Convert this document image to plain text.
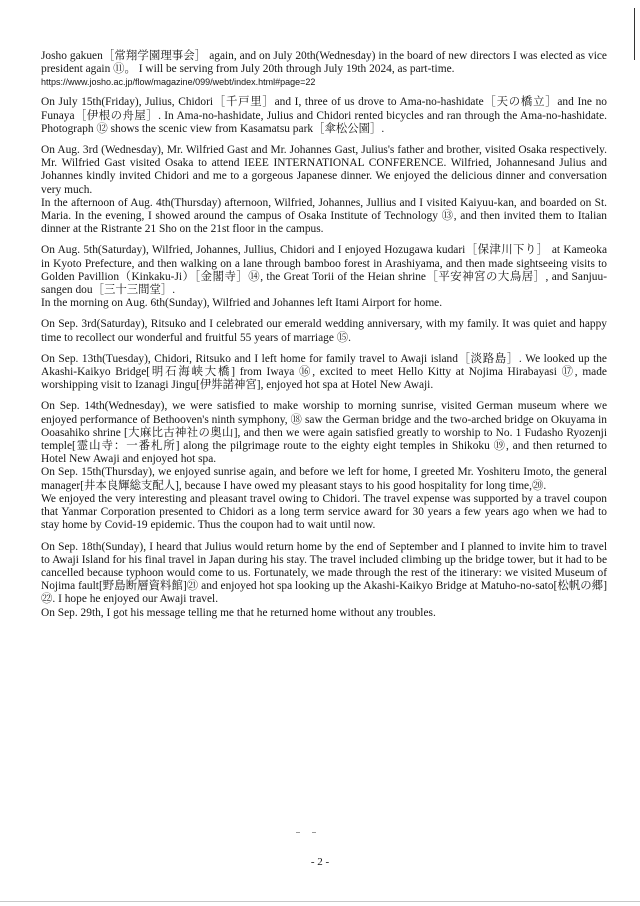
Josho gakuen［常翔学園理事会］ again, and on July 20th(Wednesday) in the board of new directors I was elected as vice president again ⑪。 I will be serving from July 20th through July 19th 2024, as part-time.
https://www.josho.ac.jp/flow/magazine/099/webt/index.html#page=22

On July 15th(Friday), Julius, Chidori［千戸里］and I, three of us drove to Ama-no-hashidate［天の橋立］and Ine no Funaya［伊根の舟屋］. In Ama-no-hashidate, Julius and Chidori rented bicycles and ran through the Ama-no-hashidate. Photograph ⑫ shows the scenic view from Kasamatsu park［傘松公園］.

On Aug. 3rd (Wednesday), Mr. Wilfried Gast and Mr. Johannes Gast, Julius's father and brother, visited Osaka respectively. Mr. Wilfried Gast visited Osaka to attend IEEE INTERNATIONAL CONFERENCE. Wilfried, Johannesand Julius and Johannes kindly invited Chidori and me to a gorgeous Japanese dinner. We enjoyed the delicious dinner and conversation very much.

In the afternoon of Aug. 4th(Thursday) afternoon, Wilfried, Johannes, Jullius and I visited Kaiyuu-kan, and boarded on St. Maria. In the evening, I showed around the campus of Osaka Institute of Technology ⑬, and then invited them to Italian dinner at the Ristrante 21 Sho on the 21st floor in the campus.

On Aug. 5th(Saturday), Wilfried, Johannes, Jullius, Chidori and I enjoyed Hozugawa kudari［保津川下り］ at Kameoka in Kyoto Prefecture, and then walking on a lane through bamboo forest in Arashiyama, and then made sightseeing visits to Golden Pavillion（Kinkaku-Ji）［金閣寺］⑭, the Great Torii of the Heian shrine［平安神宮の大鳥居］, and Sanjuu-sangen dou［三十三間堂］.

In the morning on Aug. 6th(Sunday), Wilfried and Johannes left Itami Airport for home.

On Sep. 3rd(Saturday), Ritsuko and I celebrated our emerald wedding anniversary, with my family. It was quiet and happy time to recollect our wonderful and fruitful 55 years of marriage ⑮.

On Sep. 13th(Tuesday), Chidori, Ritsuko and I left home for family travel to Awaji island［淡路島］. We looked up the Akashi-Kaikyo Bridge[明石海峡大橋] from Iwaya ⑯, excited to meet Hello Kitty at Nojima Hirabayasi ⑰, made worshipping visit to Izanagi Jingu[伊弉諾神宮], enjoyed hot spa at Hotel New Awaji.

On Sep. 14th(Wednesday), we were satisfied to make worship to morning sunrise, visited German museum where we enjoyed performance of Bethooven's ninth symphony, ⑱ saw the German bridge and the two-arched bridge on Okuyama in Ooasahiko shrine [大麻比古神社の奥山], and then we were again satisfied greatly to worship to No. 1 Fudasho Ryozenji temple[霊山寺：一番札所] along the pilgrimage route to the eighty eight temples in Shikoku ⑲, and then returned to Hotel New Awaji and enjoyed hot spa.

On Sep. 15th(Thursday), we enjoyed sunrise again, and before we left for home, I greeted Mr. Yoshiteru Imoto, the general manager[井本良輝総支配人], because I have owed my pleasant stays to his good hospitality for long time,⑳.

We enjoyed the very interesting and pleasant travel owing to Chidori. The travel expense was supported by a travel coupon that Yanmar Corporation presented to Chidori as a long term service award for 30 years a few years ago when we had to stay home by Covid-19 epidemic. Thus the coupon had to wait until now.

On Sep. 18th(Sunday), I heard that Julius would return home by the end of September and I planned to invite him to travel to Awaji Island for his final travel in Japan during his stay. The travel included climbing up the bridge tower, but it had to be cancelled because typhoon would come to us. Fortunately, we made through the rest of the itinerary: we visited Museum of Nojima fault[野島断層資料館]㉑ and enjoyed hot spa looking up the Akashi-Kaikyo Bridge at Matuho-no-sato[松帆の郷]㉒. I hope he enjoyed our Awaji travel.

On Sep. 29th, I got his message telling me that he returned home without any troubles.

- 2 -
